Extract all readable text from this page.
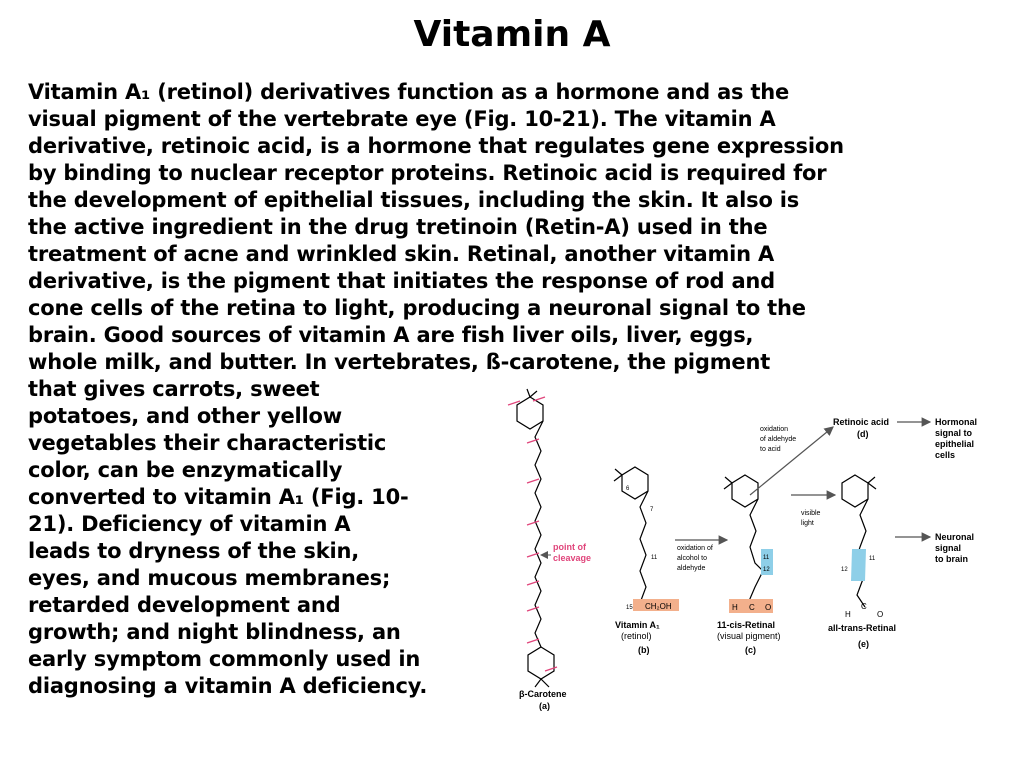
Vitamin A
Vitamin A₁ (retinol) derivatives function as a hormone and as the
visual pigment of the vertebrate eye (Fig. 10-21). The vitamin A
derivative, retinoic acid, is a hormone that regulates gene expression
by binding to nuclear receptor proteins. Retinoic acid is required for
the development of epithelial tissues, including the skin. It also is
the active ingredient in the drug tretinoin (Retin-A) used in the
treatment of acne and wrinkled skin. Retinal, another vitamin A
derivative, is the pigment that initiates the response of rod and
cone cells of the retina to light, producing a neuronal signal to the
brain. Good sources of vitamin A are fish liver oils, liver, eggs,
whole milk, and butter. In vertebrates, ß-carotene, the pigment
that gives carrots, sweet
potatoes, and other yellow
vegetables their characteristic
color, can be enzymatically
converted to vitamin A₁ (Fig. 10-
21). Deficiency of vitamin A
leads to dryness of the skin,
eyes, and mucous membranes;
retarded development and
growth; and night blindness, an
early symptom commonly used in
diagnosing a vitamin A deficiency.
point of
cleavage
β-Carotene
(a)
6
7
11
15 CH₂OH
Vitamin A₁
(retinol)
(b)
oxidation of
alcohol to
aldehyde
11
12
H C O
11-cis-Retinal
(visual pigment)
(c)
oxidation
of aldehyde
to acid
Retinoic acid
(d)
Hormonal
signal to
epithelial
cells
visible
light
11
12
H
C
O
all-trans-Retinal
(e)
Neuronal
signal
to brain
